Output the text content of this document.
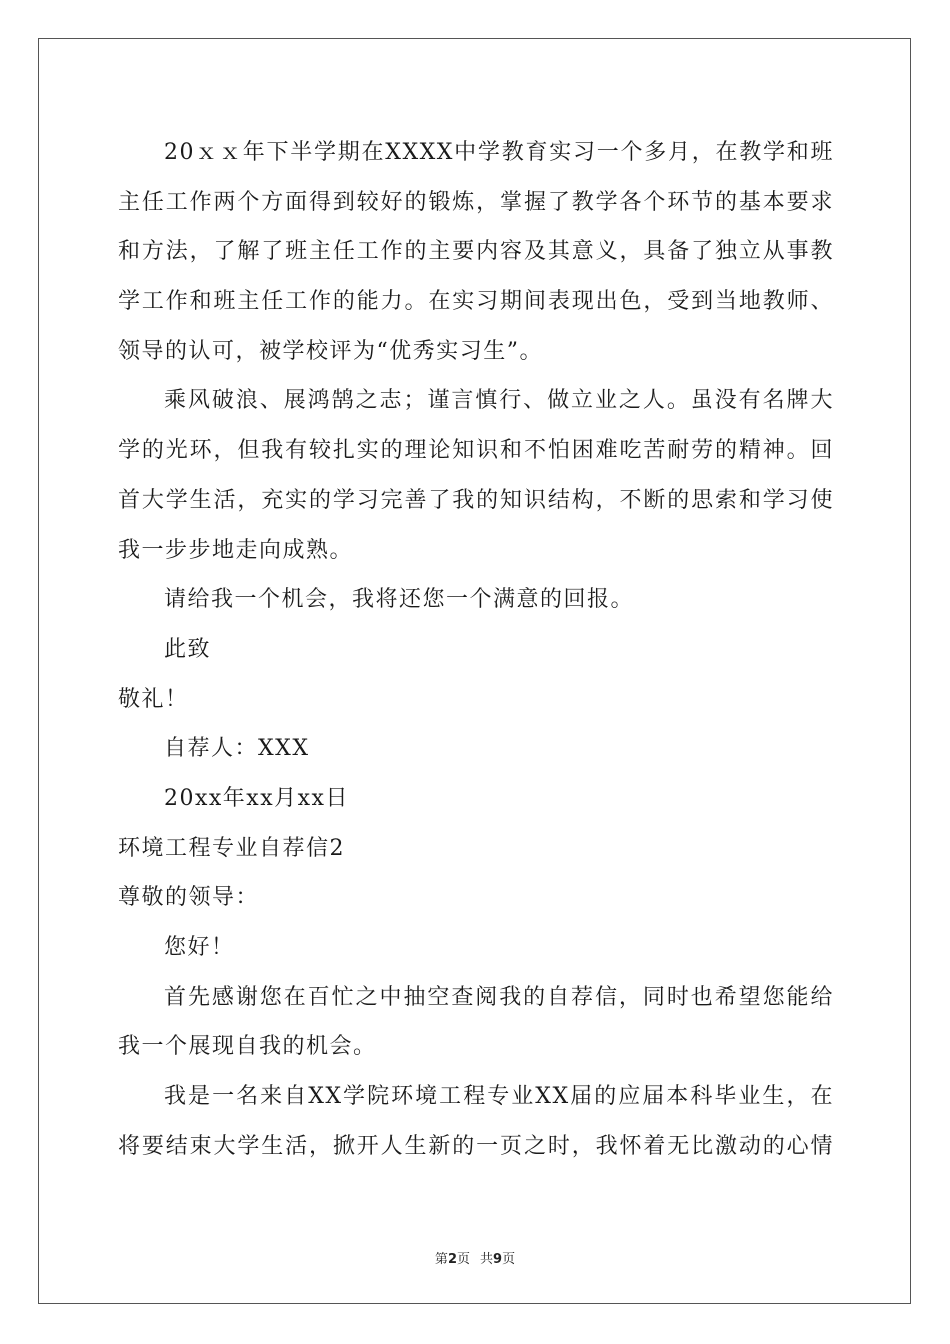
20ｘｘ年下半学期在XXXX中学教育实习一个多月，在教学和班
主任工作两个方面得到较好的锻炼，掌握了教学各个环节的基本要求
和方法，了解了班主任工作的主要内容及其意义，具备了独立从事教
学工作和班主任工作的能力。在实习期间表现出色，受到当地教师、
领导的认可，被学校评为“优秀实习生”。
乘风破浪、展鸿鹄之志；谨言慎行、做立业之人。虽没有名牌大
学的光环，但我有较扎实的理论知识和不怕困难吃苦耐劳的精神。回
首大学生活，充实的学习完善了我的知识结构，不断的思索和学习使
我一步步地走向成熟。
请给我一个机会，我将还您一个满意的回报。
此致
敬礼！
自荐人：XXX
20xx年xx月xx日
环境工程专业自荐信2
尊敬的领导：
您好！
首先感谢您在百忙之中抽空查阅我的自荐信，同时也希望您能给
我一个展现自我的机会。
我是一名来自XX学院环境工程专业XX届的应届本科毕业生，在
将要结束大学生活，掀开人生新的一页之时，我怀着无比激动的心情
第2页 共9页
